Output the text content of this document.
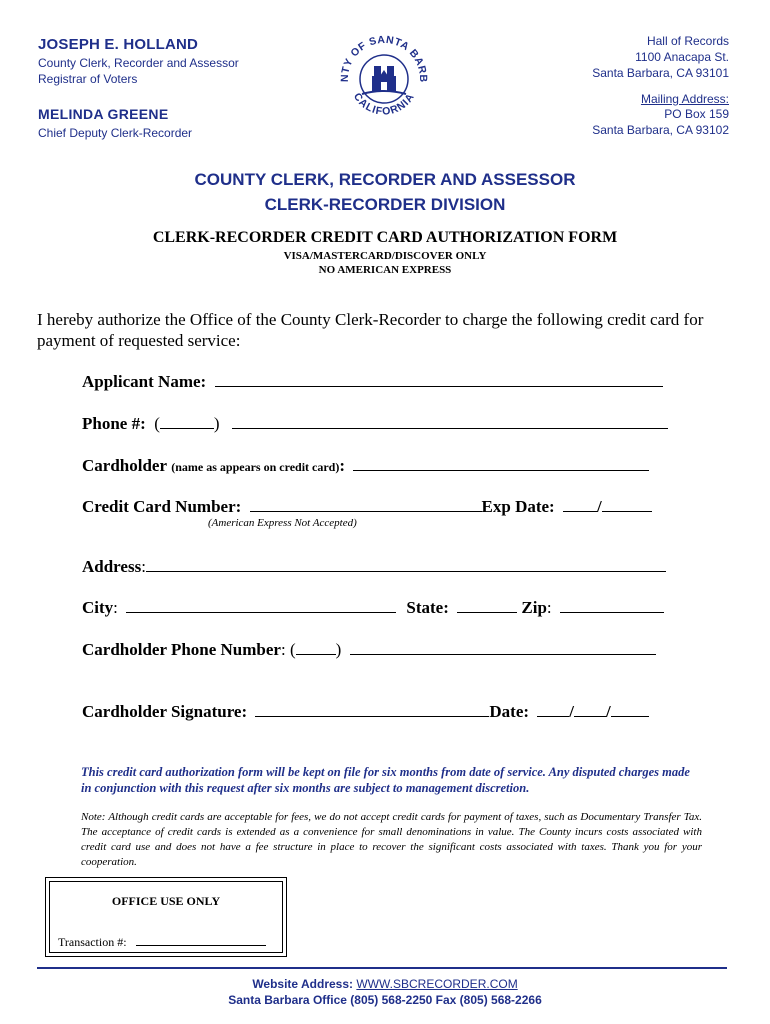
JOSEPH E. HOLLAND
County Clerk, Recorder and Assessor
Registrar of Voters
MELINDA GREENE
Chief Deputy Clerk-Recorder
NTY OF SANTA BARB
CALIFORNIA
Hall of Records
1100 Anacapa St.
Santa Barbara, CA 93101
Mailing Address:
PO Box 159
Santa Barbara, CA 93102
COUNTY CLERK, RECORDER AND ASSESSOR
CLERK-RECORDER DIVISION
CLERK-RECORDER CREDIT CARD AUTHORIZATION FORM
VISA/MASTERCARD/DISCOVER ONLY
NO AMERICAN EXPRESS
I hereby authorize the Office of the County Clerk-Recorder to charge the following credit card for payment of requested service:
Applicant Name:
Phone #:  (	)
Cardholder (name as appears on credit card):
Credit Card Number:	Exp Date: /
(American Express Not Accepted)
Address:
City:	State:	Zip:
Cardholder Phone Number: ( )
Cardholder Signature:	Date: / /
This credit card authorization form will be kept on file for six months from date of service. Any disputed charges made in conjunction with this request after six months are subject to management discretion.
Note: Although credit cards are acceptable for fees, we do not accept credit cards for payment of taxes, such as Documentary Transfer Tax. The acceptance of credit cards is extended as a convenience for small denominations in value. The County incurs costs associated with credit card use and does not have a fee structure in place to recover the significant costs associated with taxes. Thank you for your cooperation.
OFFICE USE ONLY
Transaction #:
Website Address: WWW.SBCRECORDER.COM
Santa Barbara Office (805) 568-2250 Fax (805) 568-2266
